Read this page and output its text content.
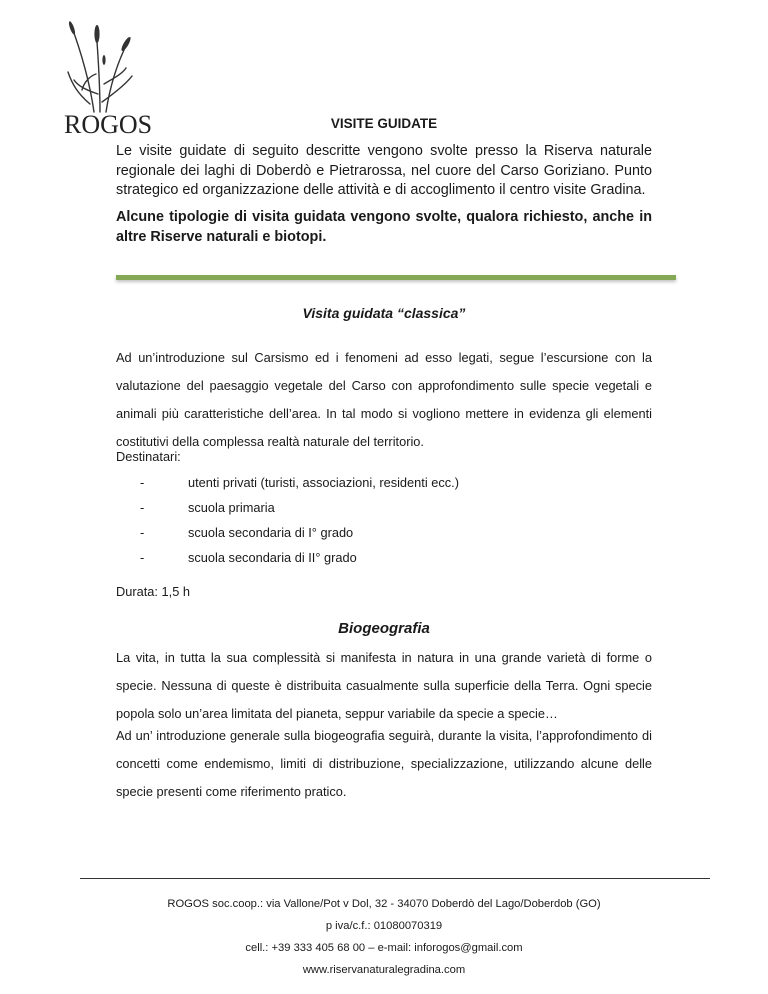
ROGOS	VISITE GUIDATE

Le visite guidate di seguito descritte vengono svolte presso la Riserva naturale regionale dei laghi di Doberdò e Pietrarossa, nel cuore del Carso Goriziano. Punto strategico ed organizzazione delle attività e di accoglimento il centro visite Gradina.

Alcune tipologie di visita guidata vengono svolte, qualora richiesto, anche in altre Riserve naturali e biotopi.

Visita guidata “classica”

Ad un’introduzione sul Carsismo ed i fenomeni ad esso legati, segue l’escursione con la valutazione del paesaggio vegetale del Carso con approfondimento sulle specie vegetali e animali più caratteristiche dell’area. In tal modo si vogliono mettere in evidenza gli elementi costitutivi della complessa realtà naturale del territorio.

Destinatari:

-	utenti privati (turisti, associazioni, residenti ecc.)
-	scuola primaria
-	scuola secondaria di I° grado
-	scuola secondaria di II° grado

Durata: 1,5 h

Biogeografia

La vita, in tutta la sua complessità si manifesta in natura in una grande varietà di forme o specie. Nessuna di queste è distribuita casualmente sulla superficie della Terra. Ogni specie popola solo un’area limitata del pianeta, seppur variabile da specie a specie…

Ad un’ introduzione generale sulla biogeografia seguirà, durante la visita, l’approfondimento di concetti come endemismo, limiti di distribuzione, specializzazione, utilizzando alcune delle specie presenti come riferimento pratico.

ROGOS soc.coop.: via Vallone/Pot v Dol, 32 - 34070 Doberdò del Lago/Doberdob (GO)
p iva/c.f.: 01080070319
cell.: +39 333 405 68 00 – e-mail: inforogos@gmail.com
www.riservanaturalegradina.com
